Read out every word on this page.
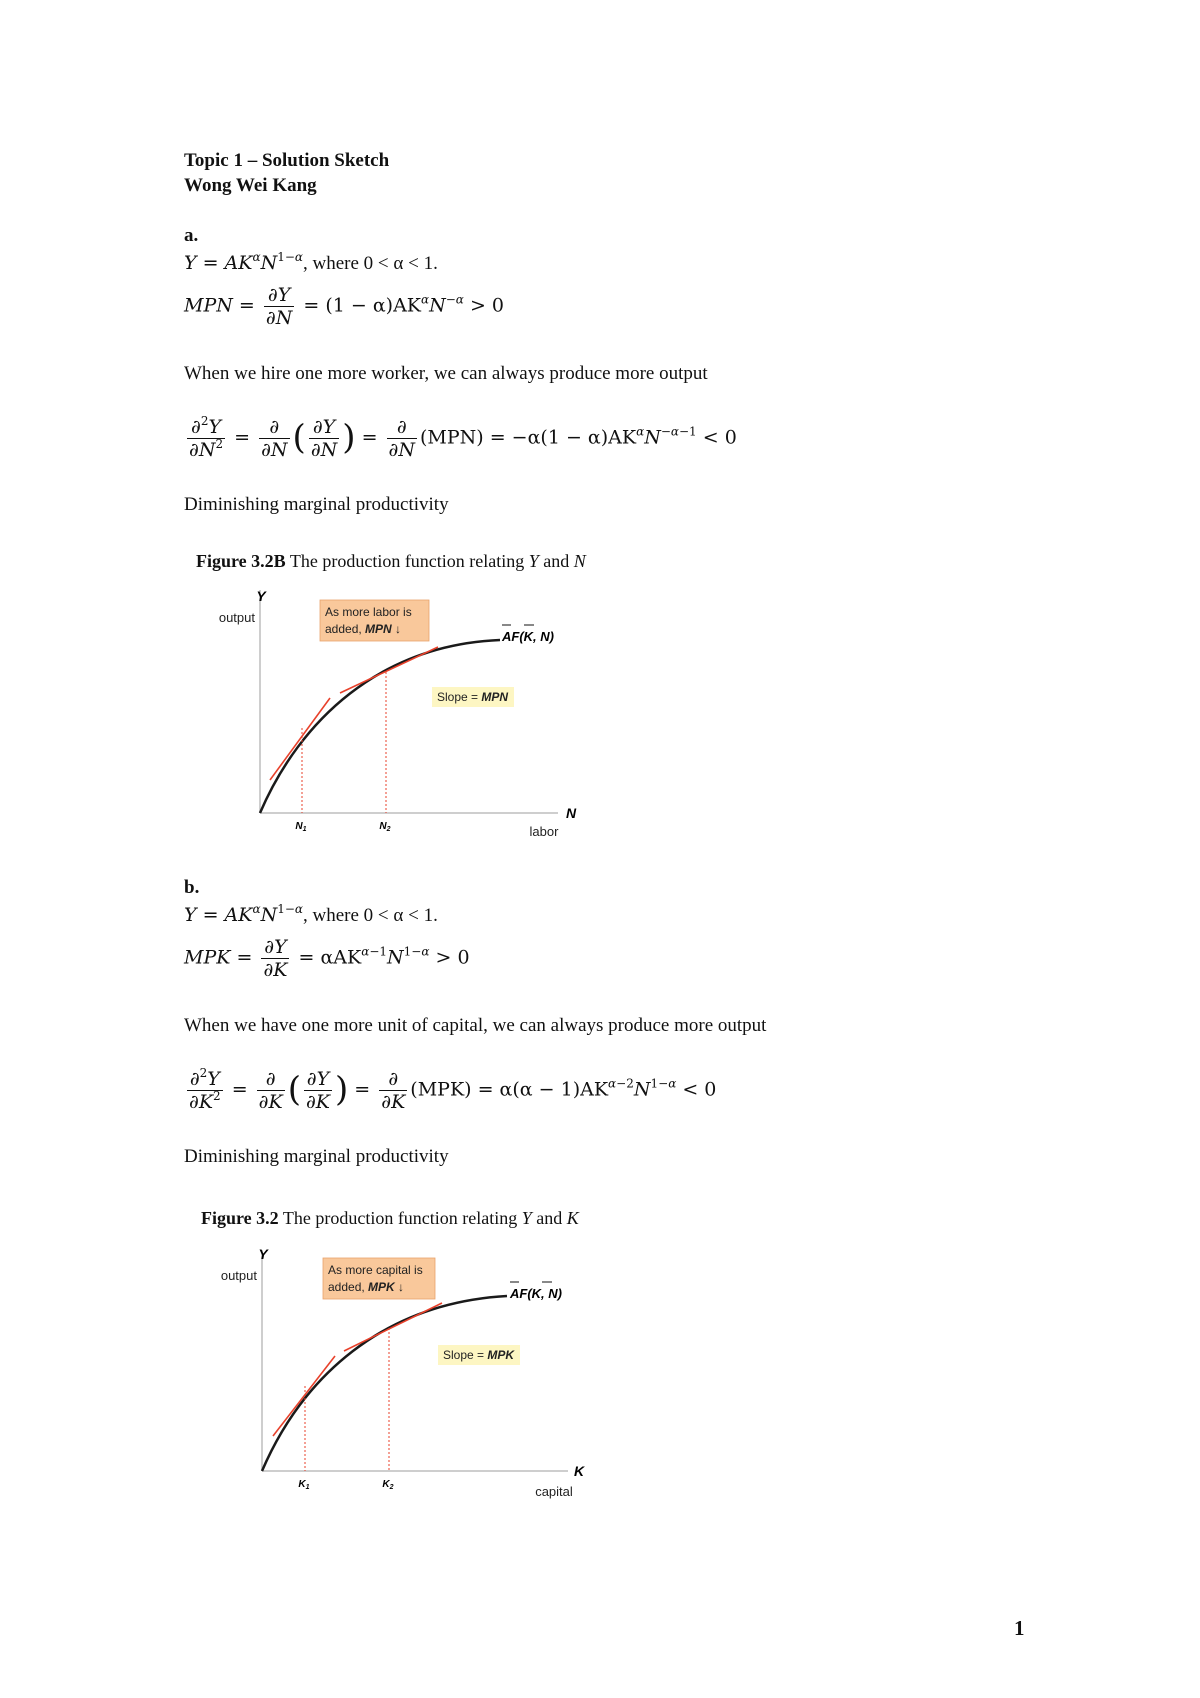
Topic 1 – Solution Sketch
Wong Wei Kang
a.
$Y = AK^\alpha N^{1-\alpha}$, where 0 < α < 1.
MPN = $\frac{\partial Y}{\partial N} = (1 - \alpha)AK^\alpha N^{-\alpha} > 0$
When we hire one more worker, we can always produce more output
$\frac{\partial^2Y}{\partial N^2} = \frac{\partial}{\partial N}$ ( $\frac{\partial Y}{\partial N}$ ) = $\frac{\partial}{\partial N} (MPN) = -\alpha(1 - \alpha)AK^\alpha N^{-\alpha-1} < 0$
Diminishing marginal productivity
Figure 3.2B The production function relating Y and N
Y
output
N
labor
$N_1$	$N_2$
As more labor is
added, MPN ↓
Slope = MPN
AF(K, N)
b.
$Y = AK^\alpha N^{1-\alpha}$, where 0 < α < 1.
MPK = $\frac{\partial Y}{\partial K} = \alpha AK^{\alpha-1}N^{1-\alpha} > 0$
When we have one more unit of capital, we can always produce more output
$\frac{\partial^2Y}{\partial K^2} = \frac{\partial}{\partial K}$ ( $\frac{\partial Y}{\partial K}$ ) = $\frac{\partial}{\partial K} (MPK) = \alpha(\alpha - 1)AK^{\alpha-2}N^{1-\alpha} < 0$
Diminishing marginal productivity
Figure 3.2 The production function relating Y and K
Y
output
K
capital
$K_1$	$K_2$
As more capital is
added, MPK ↓
Slope = MPK
AF(K, N)
1
